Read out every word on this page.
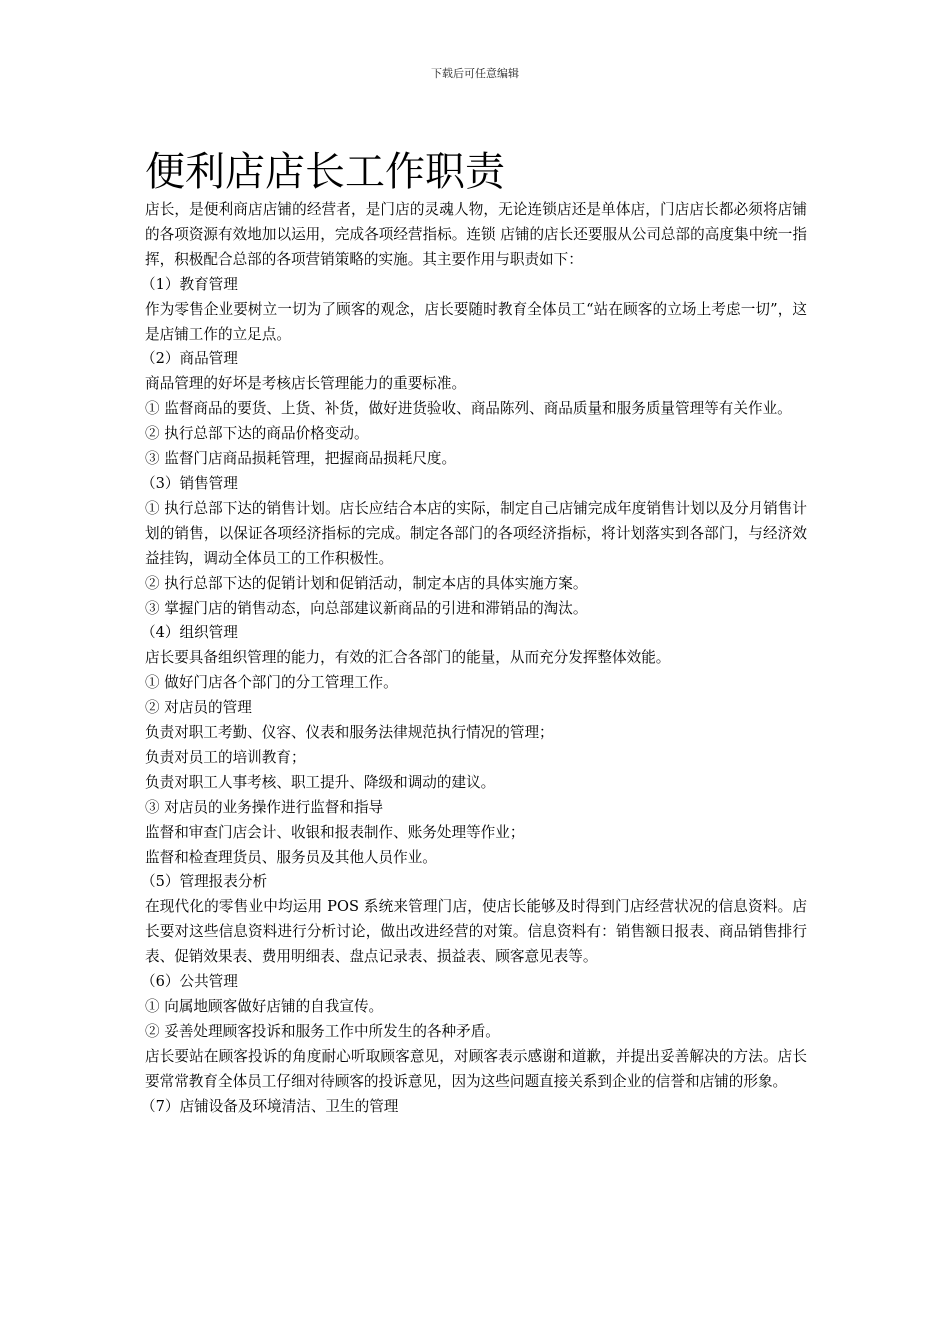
下载后可任意编辑
便利店店长工作职责

店长，是便利商店店铺的经营者，是门店的灵魂人物，无论连锁店还是单体店，门店店长都必须将店铺的各项资源有效地加以运用，完成各项经营指标。连锁 店铺的店长还要服从公司总部的高度集中统一指挥，积极配合总部的各项营销策略的实施。其主要作用与职责如下：

（1）教育管理

作为零售企业要树立一切为了顾客的观念，店长要随时教育全体员工“站在顾客的立场上考虑一切”，这是店铺工作的立足点。

（2）商品管理

商品管理的好坏是考核店长管理能力的重要标准。

① 监督商品的要货、上货、补货，做好进货验收、商品陈列、商品质量和服务质量管理等有关作业。

② 执行总部下达的商品价格变动。

③ 监督门店商品损耗管理，把握商品损耗尺度。

（3）销售管理

① 执行总部下达的销售计划。店长应结合本店的实际，制定自己店铺完成年度销售计划以及分月销售计划的销售，以保证各项经济指标的完成。制定各部门的各项经济指标，将计划落实到各部门，与经济效益挂钩，调动全体员工的工作积极性。

② 执行总部下达的促销计划和促销活动，制定本店的具体实施方案。

③ 掌握门店的销售动态，向总部建议新商品的引进和滞销品的淘汰。

（4）组织管理

店长要具备组织管理的能力，有效的汇合各部门的能量，从而充分发挥整体效能。

① 做好门店各个部门的分工管理工作。

② 对店员的管理

负责对职工考勤、仪容、仪表和服务法律规范执行情况的管理；

负责对员工的培训教育；

负责对职工人事考核、职工提升、降级和调动的建议。

③ 对店员的业务操作进行监督和指导

监督和审查门店会计、收银和报表制作、账务处理等作业；

监督和检查理货员、服务员及其他人员作业。

（5）管理报表分析

在现代化的零售业中均运用 POS 系统来管理门店，使店长能够及时得到门店经营状况的信息资料。店长要对这些信息资料进行分析讨论，做出改进经营的对策。信息资料有：销售额日报表、商品销售排行表、促销效果表、费用明细表、盘点记录表、损益表、顾客意见表等。

（6）公共管理

① 向属地顾客做好店铺的自我宣传。

② 妥善处理顾客投诉和服务工作中所发生的各种矛盾。

店长要站在顾客投诉的角度耐心听取顾客意见，对顾客表示感谢和道歉，并提出妥善解决的方法。店长要常常教育全体员工仔细对待顾客的投诉意见，因为这些问题直接关系到企业的信誉和店铺的形象。

（7）店铺设备及环境清洁、卫生的管理
